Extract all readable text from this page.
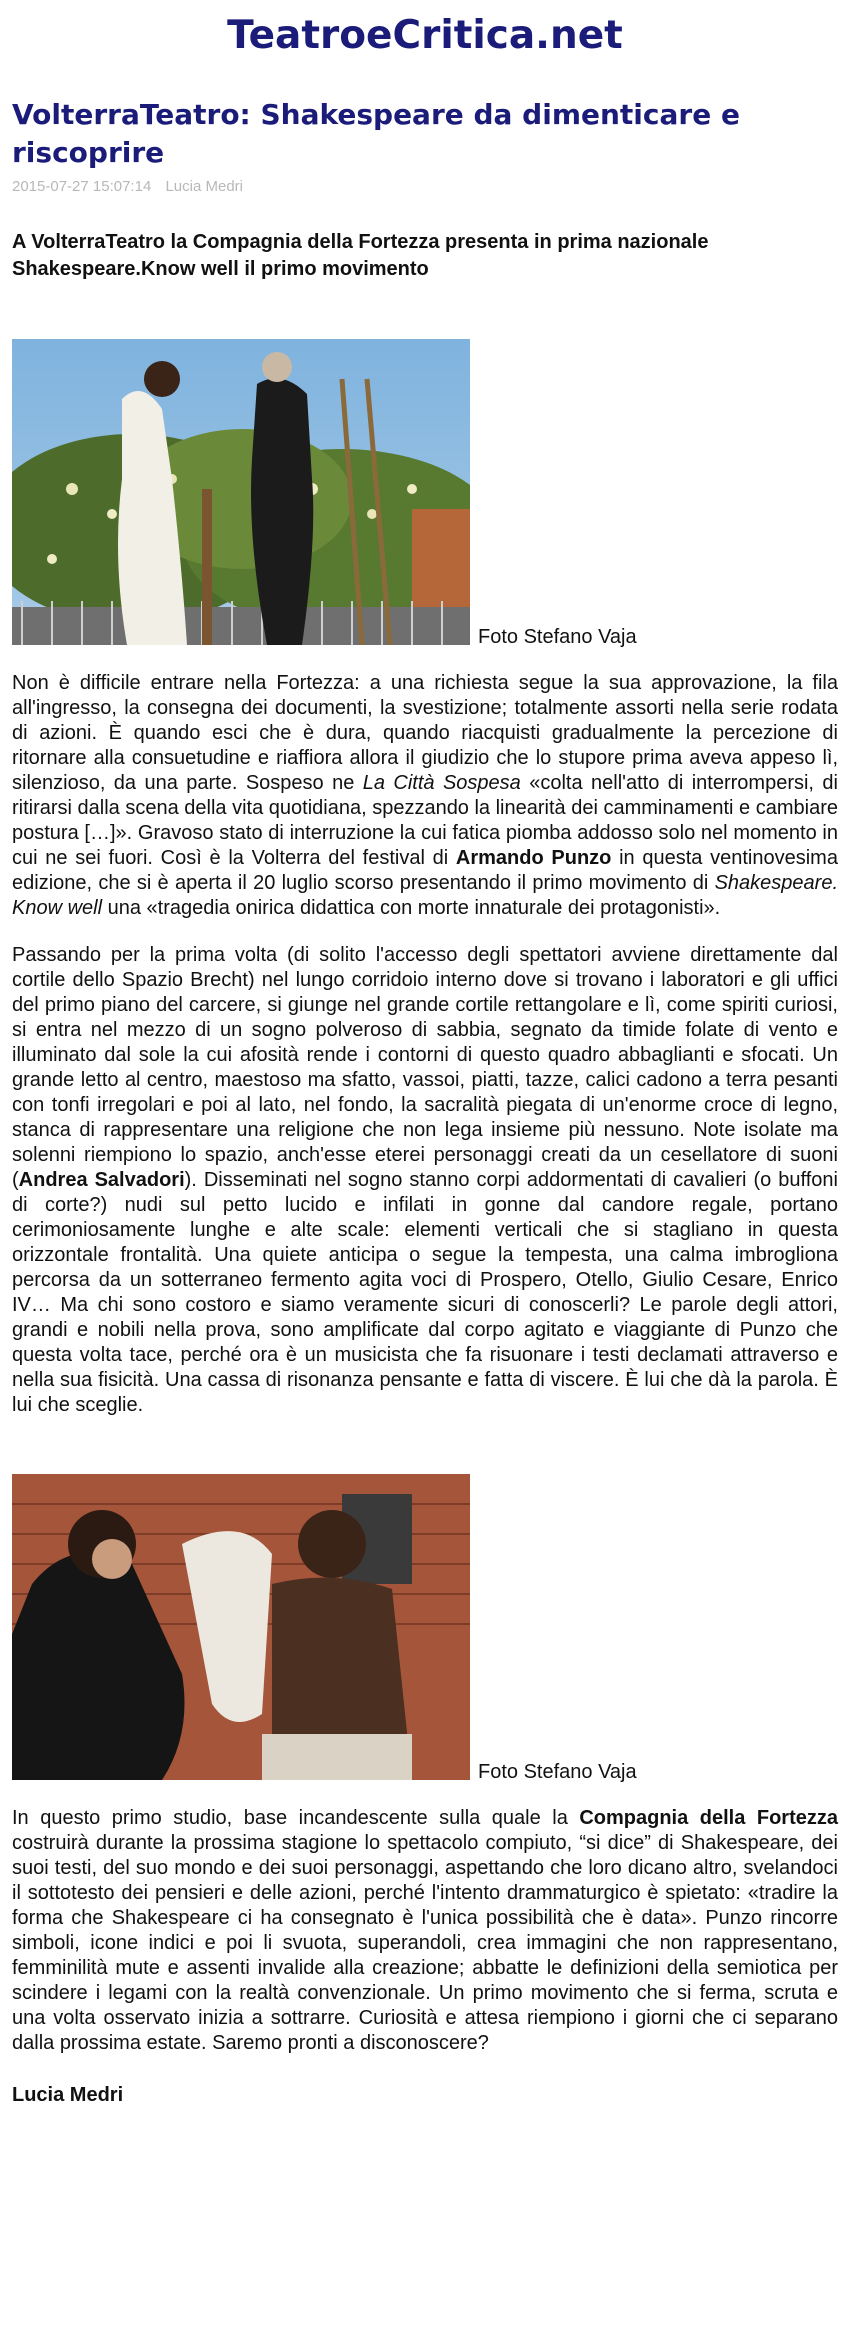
TeatroeCritica.net
VolterraTeatro: Shakespeare da dimenticare e riscoprire
2015-07-27 15:07:14 Lucia Medri
A VolterraTeatro la Compagnia della Fortezza presenta in prima nazionale Shakespeare.Know well il primo movimento
Foto Stefano Vaja

Non è difficile entrare nella Fortezza: a una richiesta segue la sua approvazione, la fila all'ingresso, la consegna dei documenti, la svestizione; totalmente assorti nella serie rodata di azioni. È quando esci che è dura, quando riacquisti gradualmente la percezione di ritornare alla consuetudine e riaffiora allora il giudizio che lo stupore prima aveva appeso lì, silenzioso, da una parte. Sospeso ne La Città Sospesa «colta nell'atto di interrompersi, di ritirarsi dalla scena della vita quotidiana, spezzando la linearità dei camminamenti e cambiare postura […]». Gravoso stato di interruzione la cui fatica piomba addosso solo nel momento in cui ne sei fuori. Così è la Volterra del festival di Armando Punzo in questa ventinovesima edizione, che si è aperta il 20 luglio scorso presentando il primo movimento di Shakespeare. Know well una «tragedia onirica didattica con morte innaturale dei protagonisti».

Passando per la prima volta (di solito l'accesso degli spettatori avviene direttamente dal cortile dello Spazio Brecht) nel lungo corridoio interno dove si trovano i laboratori e gli uffici del primo piano del carcere, si giunge nel grande cortile rettangolare e lì, come spiriti curiosi, si entra nel mezzo di un sogno polveroso di sabbia, segnato da timide folate di vento e illuminato dal sole la cui afosità rende i contorni di questo quadro abbaglianti e sfocati. Un grande letto al centro, maestoso ma sfatto, vassoi, piatti, tazze, calici cadono a terra pesanti con tonfi irregolari e poi al lato, nel fondo, la sacralità piegata di un'enorme croce di legno, stanca di rappresentare una religione che non lega insieme più nessuno. Note isolate ma solenni riempiono lo spazio, anch'esse eterei personaggi creati da un cesellatore di suoni (Andrea Salvadori). Disseminati nel sogno stanno corpi addormentati di cavalieri (o buffoni di corte?) nudi sul petto lucido e infilati in gonne dal candore regale, portano cerimoniosamente lunghe e alte scale: elementi verticali che si stagliano in questa orizzontale frontalità. Una quiete anticipa o segue la tempesta, una calma imbroglionа percorsa da un sotterraneo fermento agita voci di Prospero, Otello, Giulio Cesare, Enrico IV… Ma chi sono costoro e siamo veramente sicuri di conoscerli? Le parole degli attori, grandi e nobili nella prova, sono amplificate dal corpo agitato e viaggiante di Punzo che questa volta tace, perché ora è un musicista che fa risuonare i testi declamati attraverso e nella sua fisicità. Una cassa di risonanza pensante e fatta di viscere. È lui che dà la parola. È lui che sceglie.

Foto Stefano Vaja

In questo primo studio, base incandescente sulla quale la Compagnia della Fortezza costruirà durante la prossima stagione lo spettacolo compiuto, “si dice” di Shakespeare, dei suoi testi, del suo mondo e dei suoi personaggi, aspettando che loro dicano altro, svelandoci il sottotesto dei pensieri e delle azioni, perché l'intento drammaturgico è spietato: «tradire la forma che Shakespeare ci ha consegnato è l'unica possibilità che è data». Punzo rincorre simboli, icone indici e poi li svuota, superandoli, crea immagini che non rappresentano, femminilità mute e assenti invalide alla creazione; abbatte le definizioni della semiotica per scindere i legami con la realtà convenzionale. Un primo movimento che si ferma, scruta e una volta osservato inizia a sottrarre. Curiosità e attesa riempiono i giorni che ci separano dalla prossima estate. Saremo pronti a disconoscere?

Lucia Medri
